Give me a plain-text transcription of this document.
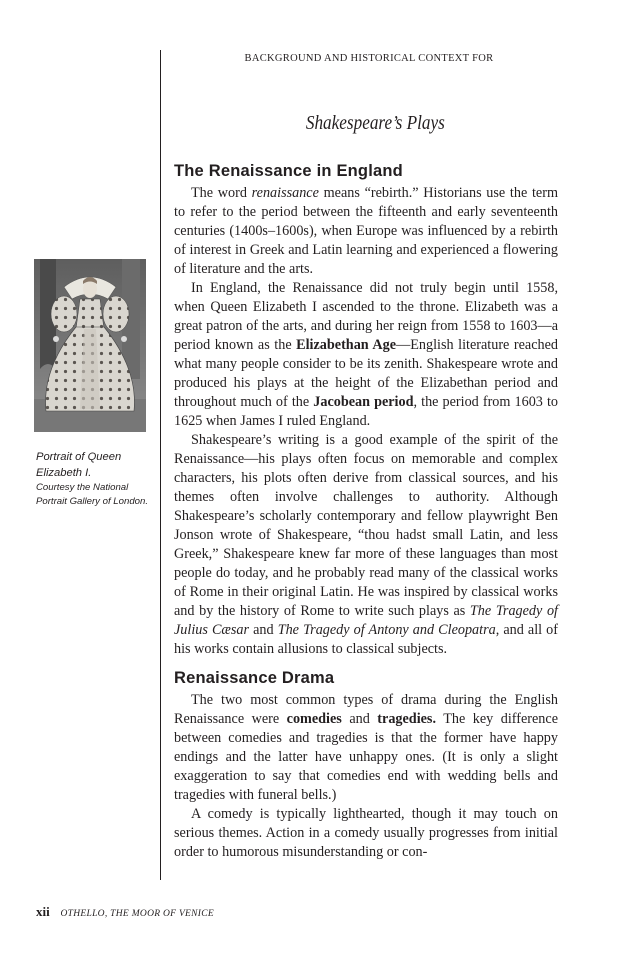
BACKGROUND AND HISTORICAL CONTEXT FOR
Shakespeare’s Plays
Portrait of Queen Elizabeth I.
Courtesy the National Portrait Gallery of London.
The Renaissance in England

The word renaissance means “rebirth.” Historians use the term to refer to the period between the fifteenth and early seventeenth centuries (1400s–1600s), when Europe was influenced by a rebirth of interest in Greek and Latin learning and experienced a flowering of literature and the arts.

In England, the Renaissance did not truly begin until 1558, when Queen Elizabeth I ascended to the throne. Elizabeth was a great patron of the arts, and during her reign from 1558 to 1603—a period known as the Elizabethan Age—English literature reached what many people consider to be its zenith. Shakespeare wrote and produced his plays at the height of the Elizabethan period and throughout much of the Jacobean period, the period from 1603 to 1625 when James I ruled England.

Shakespeare’s writing is a good example of the spirit of the Renaissance—his plays often focus on memorable and complex characters, his plots often derive from classical sources, and his themes often involve challenges to authority. Although Shakespeare’s scholarly contemporary and fellow playwright Ben Jonson wrote of Shakespeare, “thou hadst small Latin, and less Greek,” Shakespeare knew far more of these languages than most people do today, and he probably read many of the classical works of Rome in their original Latin. He was inspired by classical works and by the history of Rome to write such plays as The Tragedy of Julius Cæsar and The Tragedy of Antony and Cleopatra, and all of his works contain allusions to classical subjects.

Renaissance Drama

The two most common types of drama during the English Renaissance were comedies and tragedies. The key difference between comedies and tragedies is that the former have happy endings and the latter have unhappy ones. (It is only a slight exaggeration to say that comedies end with wedding bells and tragedies with funeral bells.)

A comedy is typically lighthearted, though it may touch on serious themes. Action in a comedy usually progresses from initial order to humorous misunderstanding or con-

xii OTHELLO, THE MOOR OF VENICE
